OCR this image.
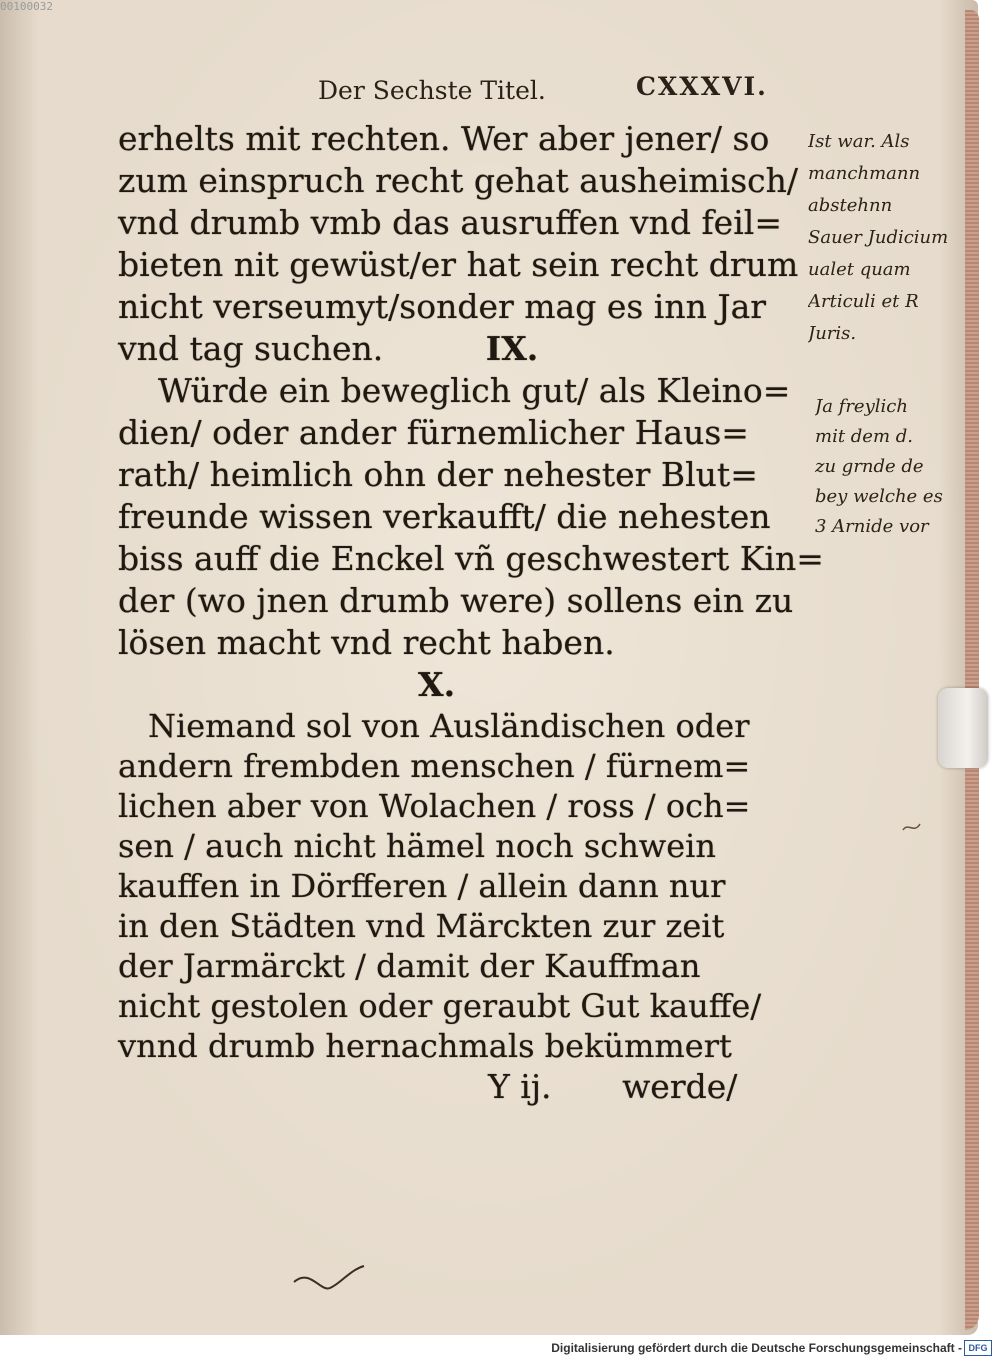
00100032
Der Sechste Titel.	CXXXVI.
erhelts mit rechten. Wer aber jener/ so
zum einspruch recht gehat ausheimisch/
vnd drumb vmb das ausruffen vnd feil=
bieten nit gewüst/er hat sein recht drum
nicht verseumyt/sonder mag es inn Jar
vnd tag suchen.	IX.
Würde ein beweglich gut/ als Kleino=
dien/ oder ander fürnemlicher Haus=
rath/ heimlich ohn der nehester Blut=
freunde wissen verkaufft/ die nehesten
biss auff die Enckel vñ geschwestert Kin=
der (wo jnen drumb were) sollens ein zu
lösen macht vnd recht haben.
X.
Niemand sol von Ausländischen oder
andern frembden menschen / fürnem=
lichen aber von Wolachen / ross / och=
sen / auch nicht hämel noch schwein
kauffen in Dörfferen / allein dann nur
in den Städten vnd Märckten zur zeit
der Jarmärckt / damit der Kauffman
nicht gestolen oder geraubt Gut kauffe/
vnnd drumb hernachmals bekümmert
Y ij. werde/
Ist war. Als
manchmann
abstehnn
Sauer Judicium
ualet quam
Articuli et R
Juris.
Ja freylich
mit dem d.
zu grnde de
bey welche es
3 Arnide vor
Digitalisierung gefördert durch die Deutsche Forschungsgemeinschaft - DFG
